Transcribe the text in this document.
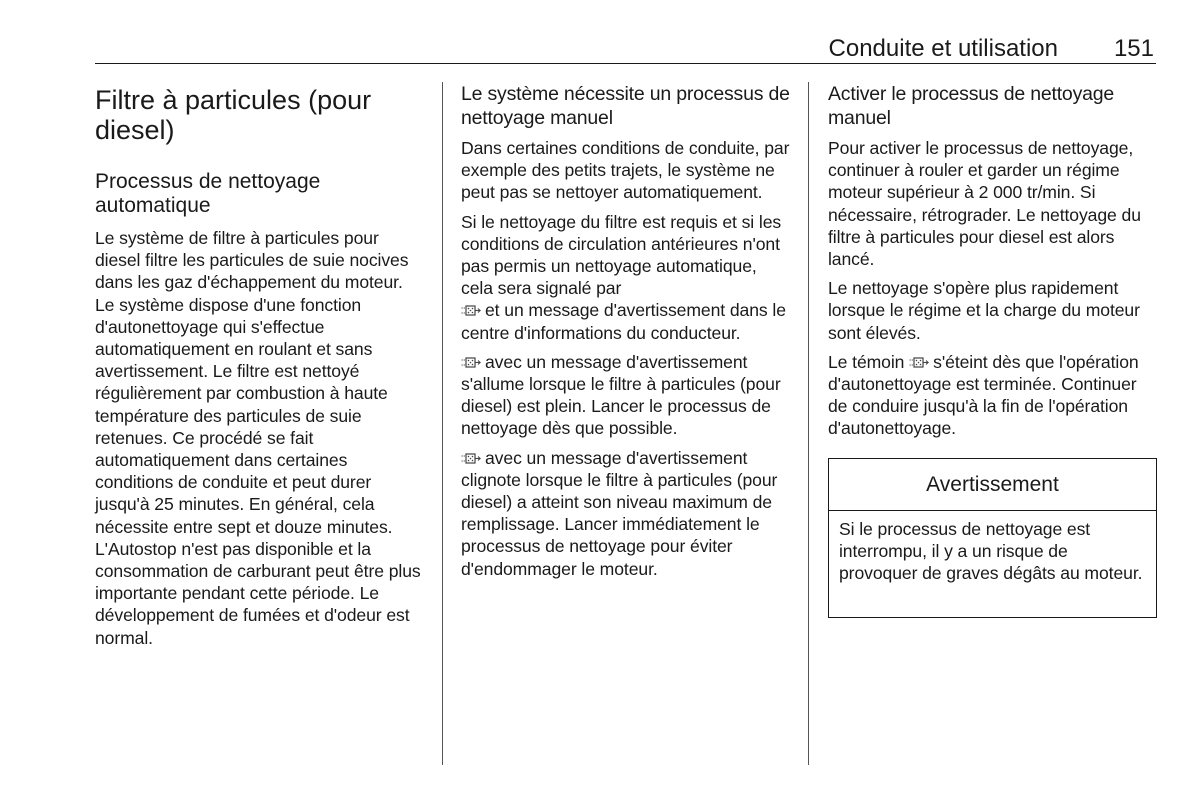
Conduite et utilisation 151
Filtre à particules (pour diesel)
Processus de nettoyage automatique

Le système de filtre à particules pour diesel filtre les particules de suie nocives dans les gaz d'échappement du moteur. Le système dispose d'une fonction d'autonettoyage qui s'effectue automatiquement en roulant et sans avertissement. Le filtre est nettoyé régulièrement par combustion à haute température des particules de suie retenues. Ce procédé se fait automatiquement dans certaines conditions de conduite et peut durer jusqu'à 25 minutes. En général, cela nécessite entre sept et douze minutes. L'Autostop n'est pas disponible et la consommation de carburant peut être plus importante pendant cette période. Le développement de fumées et d'odeur est normal.

Le système nécessite un processus de nettoyage manuel

Dans certaines conditions de conduite, par exemple des petits trajets, le système ne peut pas se nettoyer automatiquement.

Si le nettoyage du filtre est requis et si les conditions de circulation antérieures n'ont pas permis un nettoyage automatique, cela sera signalé par
et un message d'avertissement dans le centre d'informations du conducteur.

avec un message d'avertissement s'allume lorsque le filtre à particules (pour diesel) est plein. Lancer le processus de nettoyage dès que possible.

avec un message d'avertissement clignote lorsque le filtre à particules (pour diesel) a atteint son niveau maximum de remplissage. Lancer immédiatement le processus de nettoyage pour éviter d'endommager le moteur.

Activer le processus de nettoyage manuel

Pour activer le processus de nettoyage, continuer à rouler et garder un régime moteur supérieur à 2 000 tr/min. Si nécessaire, rétrograder. Le nettoyage du filtre à particules pour diesel est alors lancé.

Le nettoyage s'opère plus rapidement lorsque le régime et la charge du moteur sont élevés.

Le témoin s'éteint dès que l'opération d'autonettoyage est terminée. Continuer de conduire jusqu'à la fin de l'opération d'autonettoyage.

Avertissement
Si le processus de nettoyage est interrompu, il y a un risque de provoquer de graves dégâts au moteur.
